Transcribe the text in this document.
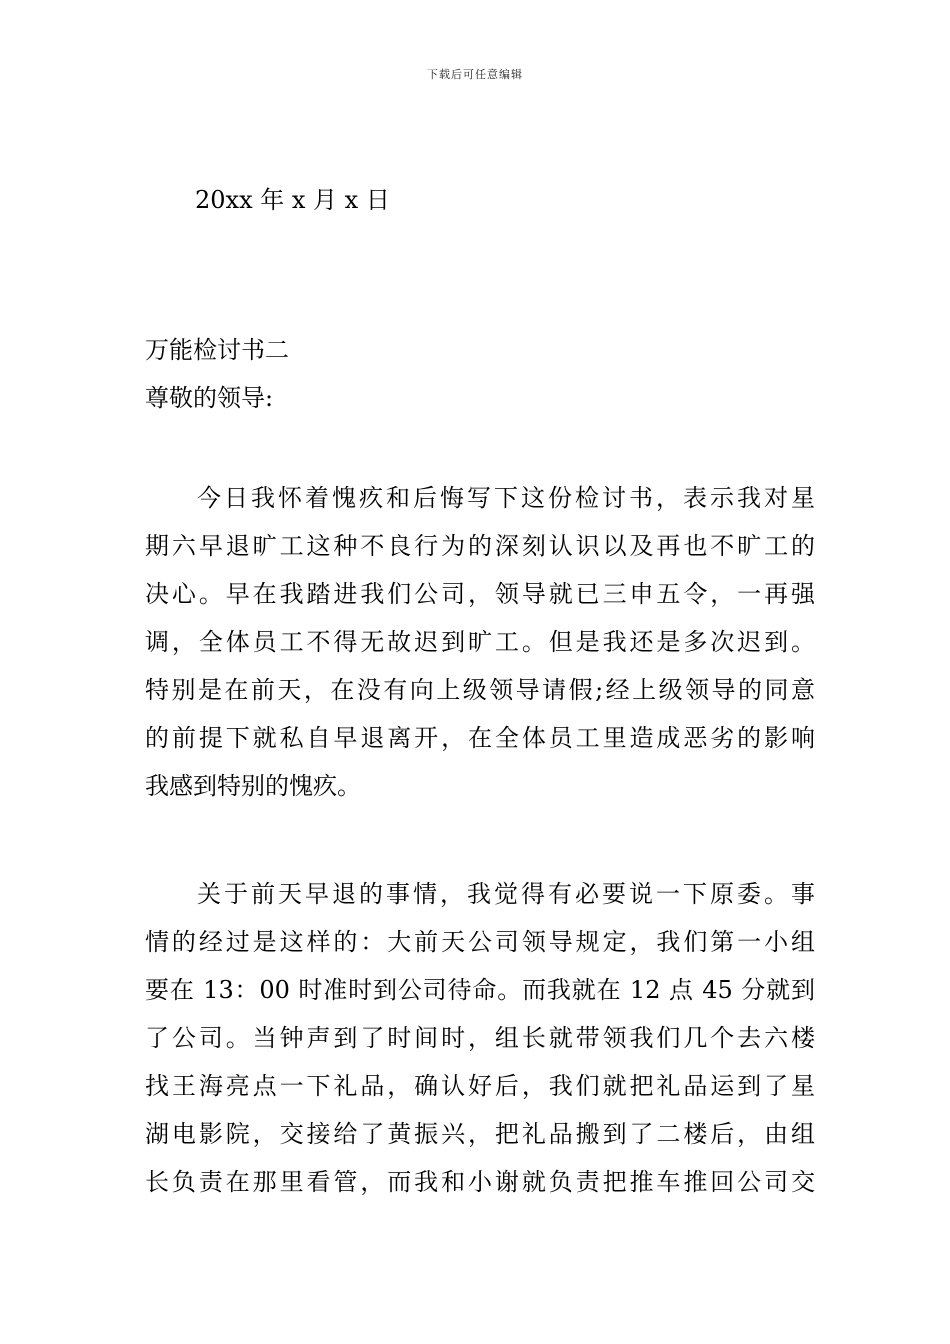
下载后可任意编辑
20xx 年 x 月 x 日
万能检讨书二
尊敬的领导:
今日我怀着愧疚和后悔写下这份检讨书，表示我对星
期六早退旷工这种不良行为的深刻认识以及再也不旷工的
决心。早在我踏进我们公司，领导就已三申五令，一再强
调，全体员工不得无故迟到旷工。但是我还是多次迟到。
特别是在前天，在没有向上级领导请假;经上级领导的同意
的前提下就私自早退离开，在全体员工里造成恶劣的影响
我感到特别的愧疚。
关于前天早退的事情，我觉得有必要说一下原委。事
情的经过是这样的：大前天公司领导规定，我们第一小组
要在 13：00 时准时到公司待命。而我就在 12 点 45 分就到
了公司。当钟声到了时间时，组长就带领我们几个去六楼
找王海亮点一下礼品，确认好后，我们就把礼品运到了星
湖电影院，交接给了黄振兴，把礼品搬到了二楼后，由组
长负责在那里看管，而我和小谢就负责把推车推回公司交
